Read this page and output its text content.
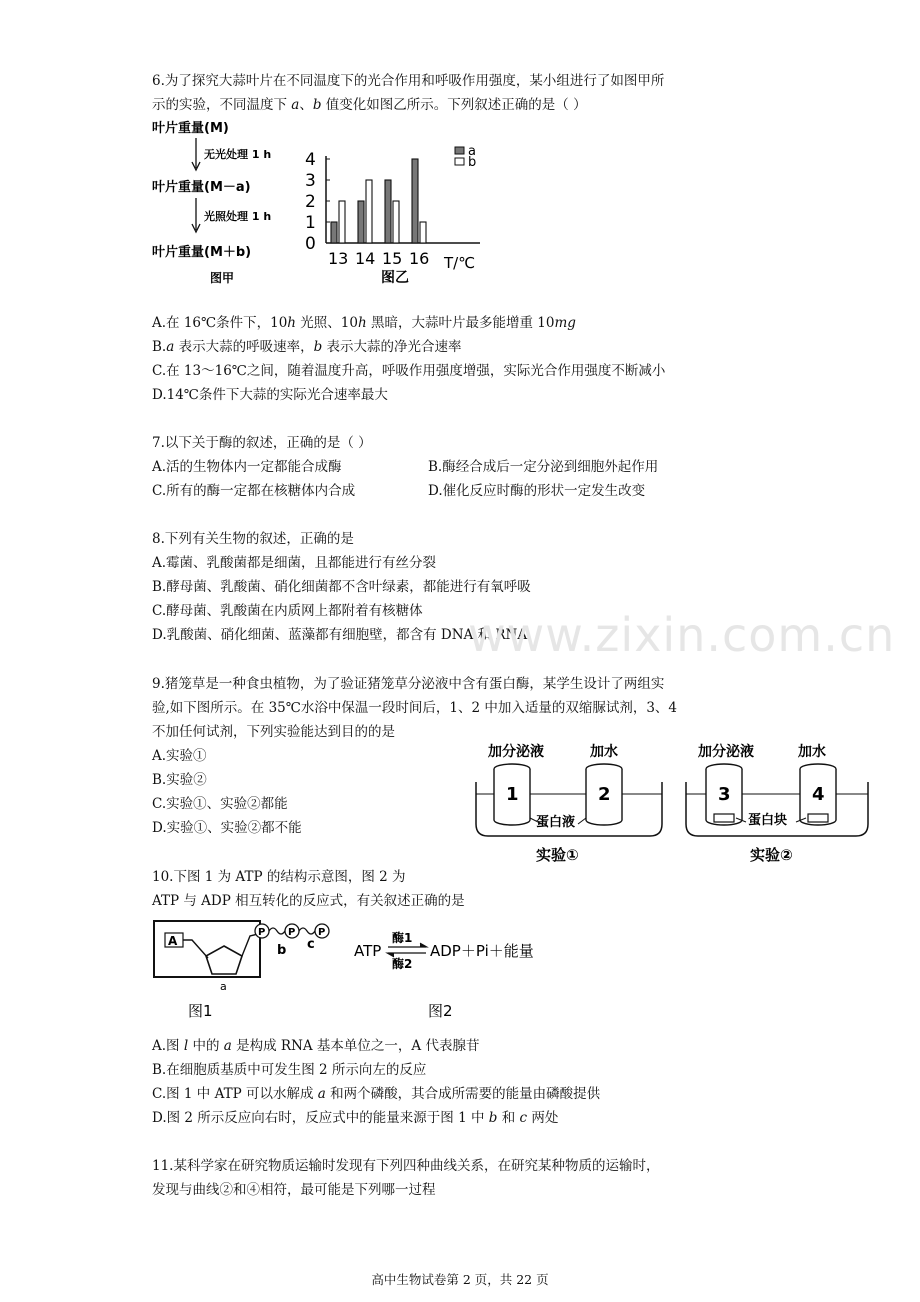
6.为了探究大蒜叶片在不同温度下的光合作用和呼吸作用强度，某小组进行了如图甲所
示的实验，不同温度下 a、b 值变化如图乙所示。下列叙述正确的是（ ）
叶片重量(M)
无光处理 1 h
叶片重量(M－a)
光照处理 1 h
叶片重量(M＋b)
图甲
0
1
2
3
4
13 14 15 16 T/℃
图乙
a
b
A.在 16℃条件下，10h 光照、10h 黑暗，大蒜叶片最多能增重 10mg
B.a 表示大蒜的呼吸速率，b 表示大蒜的净光合速率
C.在 13～16℃之间，随着温度升高，呼吸作用强度增强，实际光合作用强度不断减小
D.14℃条件下大蒜的实际光合速率最大
7.以下关于酶的叙述，正确的是（ ）
A.活的生物体内一定都能合成酶	B.酶经合成后一定分泌到细胞外起作用
C.所有的酶一定都在核糖体内合成	D.催化反应时酶的形状一定发生改变
8.下列有关生物的叙述，正确的是
A.霉菌、乳酸菌都是细菌，且都能进行有丝分裂
B.酵母菌、乳酸菌、硝化细菌都不含叶绿素，都能进行有氧呼吸
C.酵母菌、乳酸菌在内质网上都附着有核糖体
D.乳酸菌、硝化细菌、蓝藻都有细胞壁，都含有 DNA 和 RNA
www.zixin.com.cn
9.猪笼草是一种食虫植物，为了验证猪笼草分泌液中含有蛋白酶，某学生设计了两组实
验,如下图所示。在 35℃水浴中保温一段时间后，1、2 中加入适量的双缩脲试剂，3、4
不加任何试剂，下列实验能达到目的的是
A.实验①
B.实验②
C.实验①、实验②都能
D.实验①、实验②都不能
加分泌液	加水
1	2
蛋白液
实验①
加分泌液	加水
3	4
蛋白块
实验②
10.下图 1 为 ATP 的结构示意图，图 2 为
ATP 与 ADP 相互转化的反应式，有关叙述正确的是
A
P P P
b c
a
图1
ATP
酶1
酶2
ADP＋Pi＋能量
图2
A.图 l 中的 a 是构成 RNA 基本单位之一，A 代表腺苷
B.在细胞质基质中可发生图 2 所示向左的反应
C.图 1 中 ATP 可以水解成 a 和两个磷酸，其合成所需要的能量由磷酸提供
D.图 2 所示反应向右时，反应式中的能量来源于图 1 中 b 和 c 两处
11.某科学家在研究物质运输时发现有下列四种曲线关系，在研究某种物质的运输时，
发现与曲线②和④相符，最可能是下列哪一过程
高中生物试卷第 2 页，共 22 页
